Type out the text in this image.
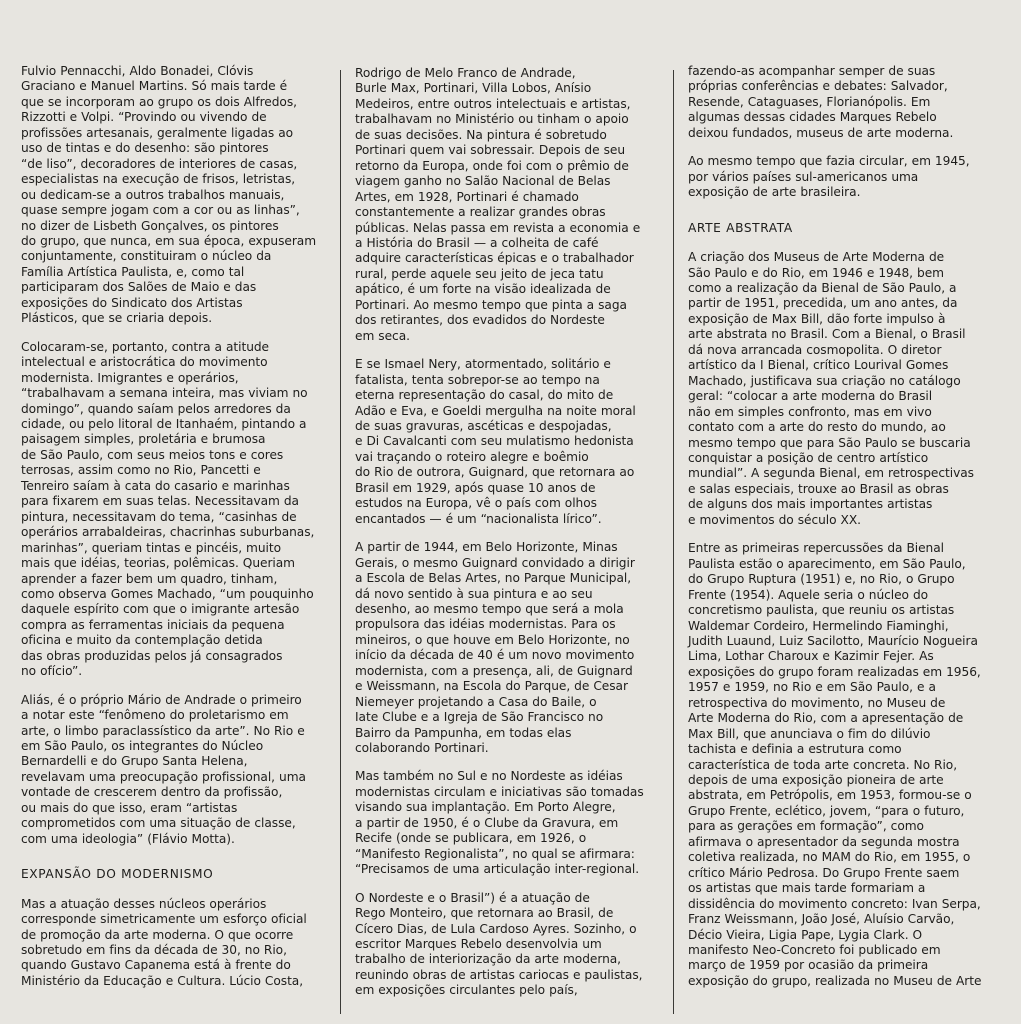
Fulvio Pennacchi, Aldo Bonadei, Clóvis
Graciano e Manuel Martins. Só mais tarde é
que se incorporam ao grupo os dois Alfredos,
Rizzotti e Volpi. “Provindo ou vivendo de
profissões artesanais, geralmente ligadas ao
uso de tintas e do desenho: são pintores
“de liso”, decoradores de interiores de casas,
especialistas na execução de frisos, letristas,
ou dedicam-se a outros trabalhos manuais,
quase sempre jogam com a cor ou as linhas”,
no dizer de Lisbeth Gonçalves, os pintores
do grupo, que nunca, em sua época, expuseram
conjuntamente, constituiram o núcleo da
Família Artística Paulista, e, como tal
participaram dos Salões de Maio e das
exposições do Sindicato dos Artistas
Plásticos, que se criaria depois.

Colocaram-se, portanto, contra a atitude
intelectual e aristocrática do movimento
modernista. Imigrantes e operários,
“trabalhavam a semana inteira, mas viviam no
domingo”, quando saíam pelos arredores da
cidade, ou pelo litoral de Itanhaém, pintando a
paisagem simples, proletária e brumosa
de São Paulo, com seus meios tons e cores
terrosas, assim como no Rio, Pancetti e
Tenreiro saíam à cata do casario e marinhas
para fixarem em suas telas. Necessitavam da
pintura, necessitavam do tema, “casinhas de
operários arrabaldeiras, chacrinhas suburbanas,
marinhas”, queriam tintas e pincéis, muito
mais que idéias, teorias, polêmicas. Queriam
aprender a fazer bem um quadro, tinham,
como observa Gomes Machado, “um pouquinho
daquele espírito com que o imigrante artesão
compra as ferramentas iniciais da pequena
oficina e muito da contemplação detida
das obras produzidas pelos já consagrados
no ofício”.

Aliás, é o próprio Mário de Andrade o primeiro
a notar este “fenômeno do proletarismo em
arte, o limbo paraclassístico da arte”. No Rio e
em São Paulo, os integrantes do Núcleo
Bernardelli e do Grupo Santa Helena,
revelavam uma preocupação profissional, uma
vontade de crescerem dentro da profissão,
ou mais do que isso, eram “artistas
comprometidos com uma situação de classe,
com uma ideologia” (Flávio Motta).

EXPANSÃO DO MODERNISMO

Mas a atuação desses núcleos operários
corresponde simetricamente um esforço oficial
de promoção da arte moderna. O que ocorre
sobretudo em fins da década de 30, no Rio,
quando Gustavo Capanema está à frente do
Ministério da Educação e Cultura. Lúcio Costa,

Rodrigo de Melo Franco de Andrade,
Burle Max, Portinari, Villa Lobos, Anísio
Medeiros, entre outros intelectuais e artistas,
trabalhavam no Ministério ou tinham o apoio
de suas decisões. Na pintura é sobretudo
Portinari quem vai sobressair. Depois de seu
retorno da Europa, onde foi com o prêmio de
viagem ganho no Salão Nacional de Belas
Artes, em 1928, Portinari é chamado
constantemente a realizar grandes obras
públicas. Nelas passa em revista a economia e
a História do Brasil — a colheita de café
adquire características épicas e o trabalhador
rural, perde aquele seu jeito de jeca tatu
apático, é um forte na visão idealizada de
Portinari. Ao mesmo tempo que pinta a saga
dos retirantes, dos evadidos do Nordeste
em seca.

E se Ismael Nery, atormentado, solitário e
fatalista, tenta sobrepor-se ao tempo na
eterna representação do casal, do mito de
Adão e Eva, e Goeldi mergulha na noite moral
de suas gravuras, ascéticas e despojadas,
e Di Cavalcanti com seu mulatismo hedonista
vai traçando o roteiro alegre e boêmio
do Rio de outrora, Guignard, que retornara ao
Brasil em 1929, após quase 10 anos de
estudos na Europa, vê o país com olhos
encantados — é um “nacionalista lírico”.

A partir de 1944, em Belo Horizonte, Minas
Gerais, o mesmo Guignard convidado a dirigir
a Escola de Belas Artes, no Parque Municipal,
dá novo sentido à sua pintura e ao seu
desenho, ao mesmo tempo que será a mola
propulsora das idéias modernistas. Para os
mineiros, o que houve em Belo Horizonte, no
início da década de 40 é um novo movimento
modernista, com a presença, ali, de Guignard
e Weissmann, na Escola do Parque, de Cesar
Niemeyer projetando a Casa do Baile, o
Iate Clube e a Igreja de São Francisco no
Bairro da Pampunha, em todas elas
colaborando Portinari.

Mas também no Sul e no Nordeste as idéias
modernistas circulam e iniciativas são tomadas
visando sua implantação. Em Porto Alegre,
a partir de 1950, é o Clube da Gravura, em
Recife (onde se publicara, em 1926, o
“Manifesto Regionalista”, no qual se afirmara:
“Precisamos de uma articulação inter-regional.

O Nordeste e o Brasil”) é a atuação de
Rego Monteiro, que retornara ao Brasil, de
Cícero Dias, de Lula Cardoso Ayres. Sozinho, o
escritor Marques Rebelo desenvolvia um
trabalho de interiorização da arte moderna,
reunindo obras de artistas cariocas e paulistas,
em exposições circulantes pelo país,

fazendo-as acompanhar semper de suas
próprias conferências e debates: Salvador,
Resende, Cataguases, Florianópolis. Em
algumas dessas cidades Marques Rebelo
deixou fundados, museus de arte moderna.

Ao mesmo tempo que fazia circular, em 1945,
por vários países sul-americanos uma
exposição de arte brasileira.

ARTE ABSTRATA

A criação dos Museus de Arte Moderna de
São Paulo e do Rio, em 1946 e 1948, bem
como a realização da Bienal de São Paulo, a
partir de 1951, precedida, um ano antes, da
exposição de Max Bill, dão forte impulso à
arte abstrata no Brasil. Com a Bienal, o Brasil
dá nova arrancada cosmopolita. O diretor
artístico da I Bienal, crítico Lourival Gomes
Machado, justificava sua criação no catálogo
geral: “colocar a arte moderna do Brasil
não em simples confronto, mas em vivo
contato com a arte do resto do mundo, ao
mesmo tempo que para São Paulo se buscaria
conquistar a posição de centro artístico
mundial”. A segunda Bienal, em retrospectivas
e salas especiais, trouxe ao Brasil as obras
de alguns dos mais importantes artistas
e movimentos do século XX.

Entre as primeiras repercussões da Bienal
Paulista estão o aparecimento, em São Paulo,
do Grupo Ruptura (1951) e, no Rio, o Grupo
Frente (1954). Aquele seria o núcleo do
concretismo paulista, que reuniu os artistas
Waldemar Cordeiro, Hermelindo Fiaminghi,
Judith Luaund, Luiz Sacilotto, Maurício Nogueira
Lima, Lothar Charoux e Kazimir Fejer. As
exposições do grupo foram realizadas em 1956,
1957 e 1959, no Rio e em São Paulo, e a
retrospectiva do movimento, no Museu de
Arte Moderna do Rio, com a apresentação de
Max Bill, que anunciava o fim do dilúvio
tachista e definia a estrutura como
característica de toda arte concreta. No Rio,
depois de uma exposição pioneira de arte
abstrata, em Petrópolis, em 1953, formou-se o
Grupo Frente, eclético, jovem, “para o futuro,
para as gerações em formação”, como
afirmava o apresentador da segunda mostra
coletiva realizada, no MAM do Rio, em 1955, o
crítico Mário Pedrosa. Do Grupo Frente saem
os artistas que mais tarde formariam a
dissidência do movimento concreto: Ivan Serpa,
Franz Weissmann, João José, Aluísio Carvão,
Décio Vieira, Ligia Pape, Lygia Clark. O
manifesto Neo-Concreto foi publicado em
março de 1959 por ocasião da primeira
exposição do grupo, realizada no Museu de Arte
